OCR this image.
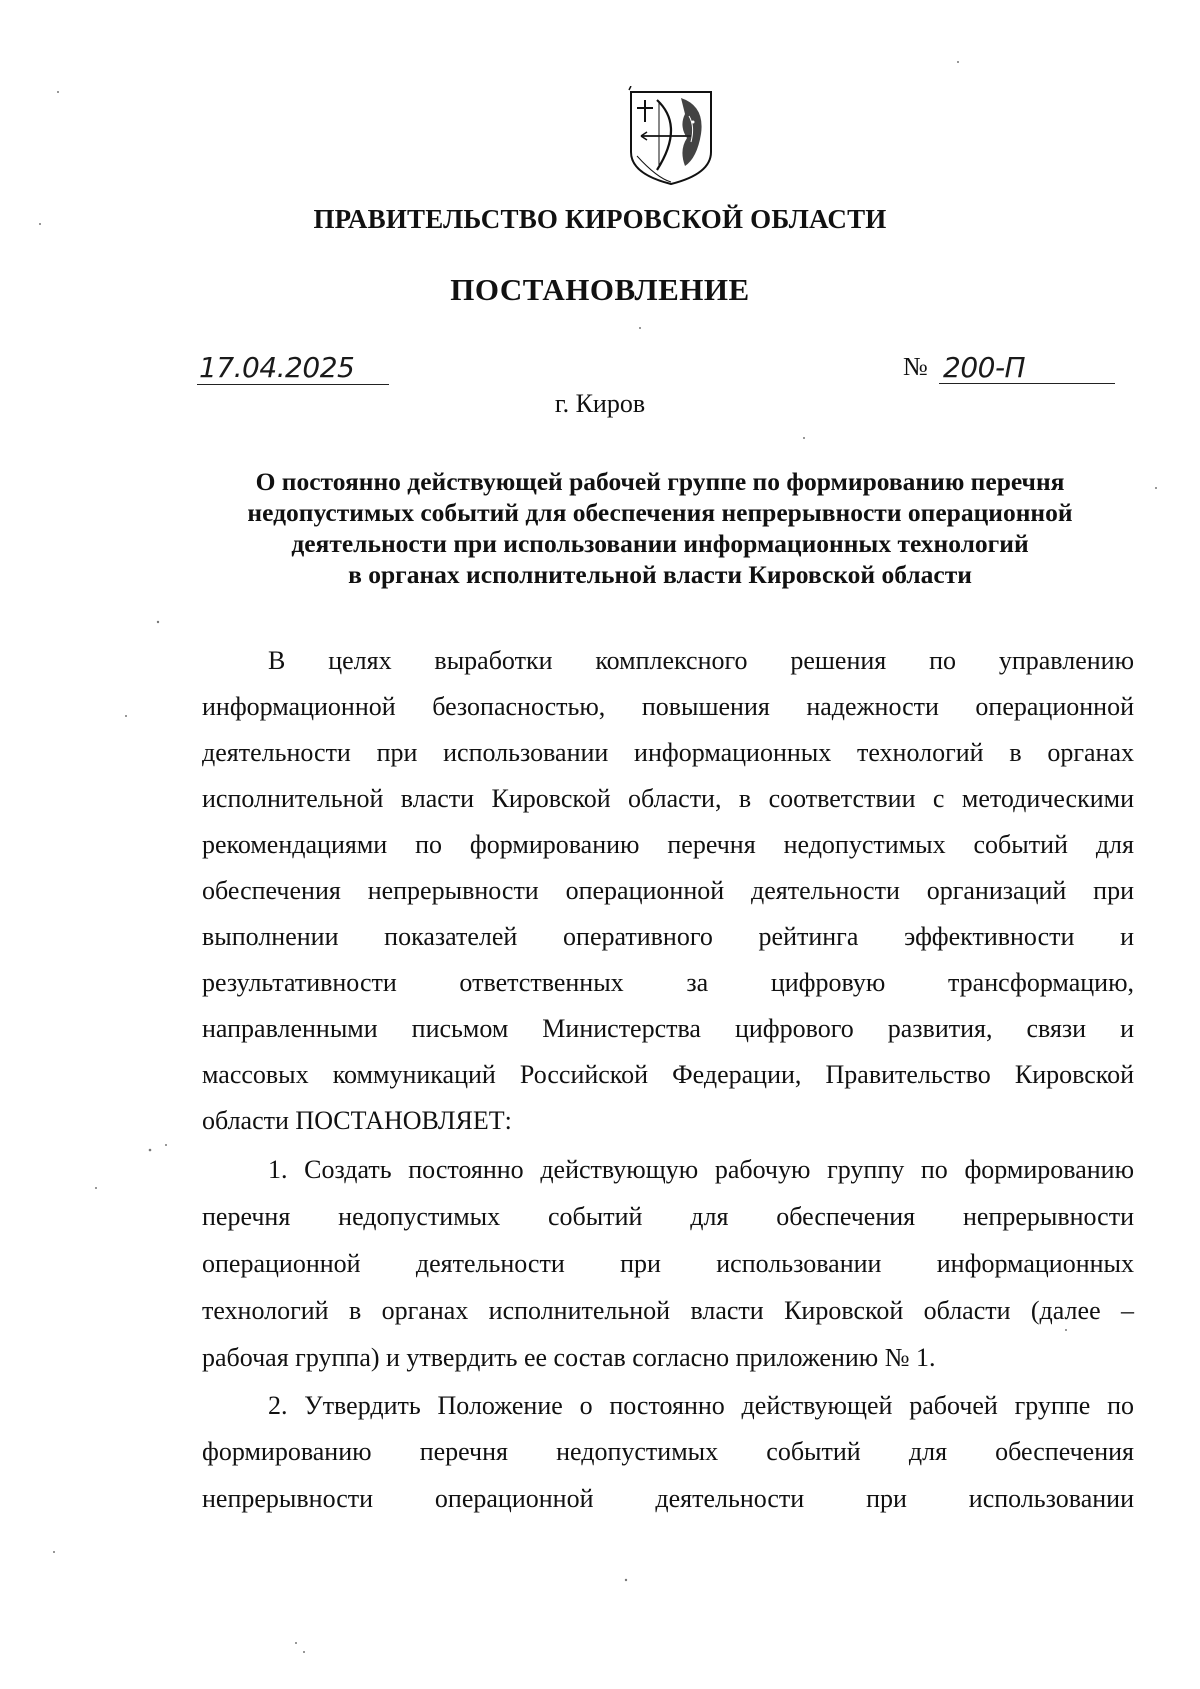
ПРАВИТЕЛЬСТВО КИРОВСКОЙ ОБЛАСТИ
ПОСТАНОВЛЕНИЕ
17.04.2025	№ 200-П
г. Киров
О постоянно действующей рабочей группе по формированию перечня
недопустимых событий для обеспечения непрерывности операционной
деятельности при использовании информационных технологий
в органах исполнительной власти Кировской области
В целях выработки комплексного решения по управлению
информационной безопасностью, повышения надежности операционной
деятельности при использовании информационных технологий в органах
исполнительной власти Кировской области, в соответствии с методическими
рекомендациями по формированию перечня недопустимых событий для
обеспечения непрерывности операционной деятельности организаций при
выполнении показателей оперативного рейтинга эффективности и
результативности ответственных за цифровую трансформацию,
направленными письмом Министерства цифрового развития, связи и
массовых коммуникаций Российской Федерации, Правительство Кировской
области ПОСТАНОВЛЯЕТ:
1. Создать постоянно действующую рабочую группу по формированию
перечня недопустимых событий для обеспечения непрерывности
операционной деятельности при использовании информационных
технологий в органах исполнительной власти Кировской области (далее –
рабочая группа) и утвердить ее состав согласно приложению № 1.
2. Утвердить Положение о постоянно действующей рабочей группе по
формированию перечня недопустимых событий для обеспечения
непрерывности операционной деятельности при использовании
